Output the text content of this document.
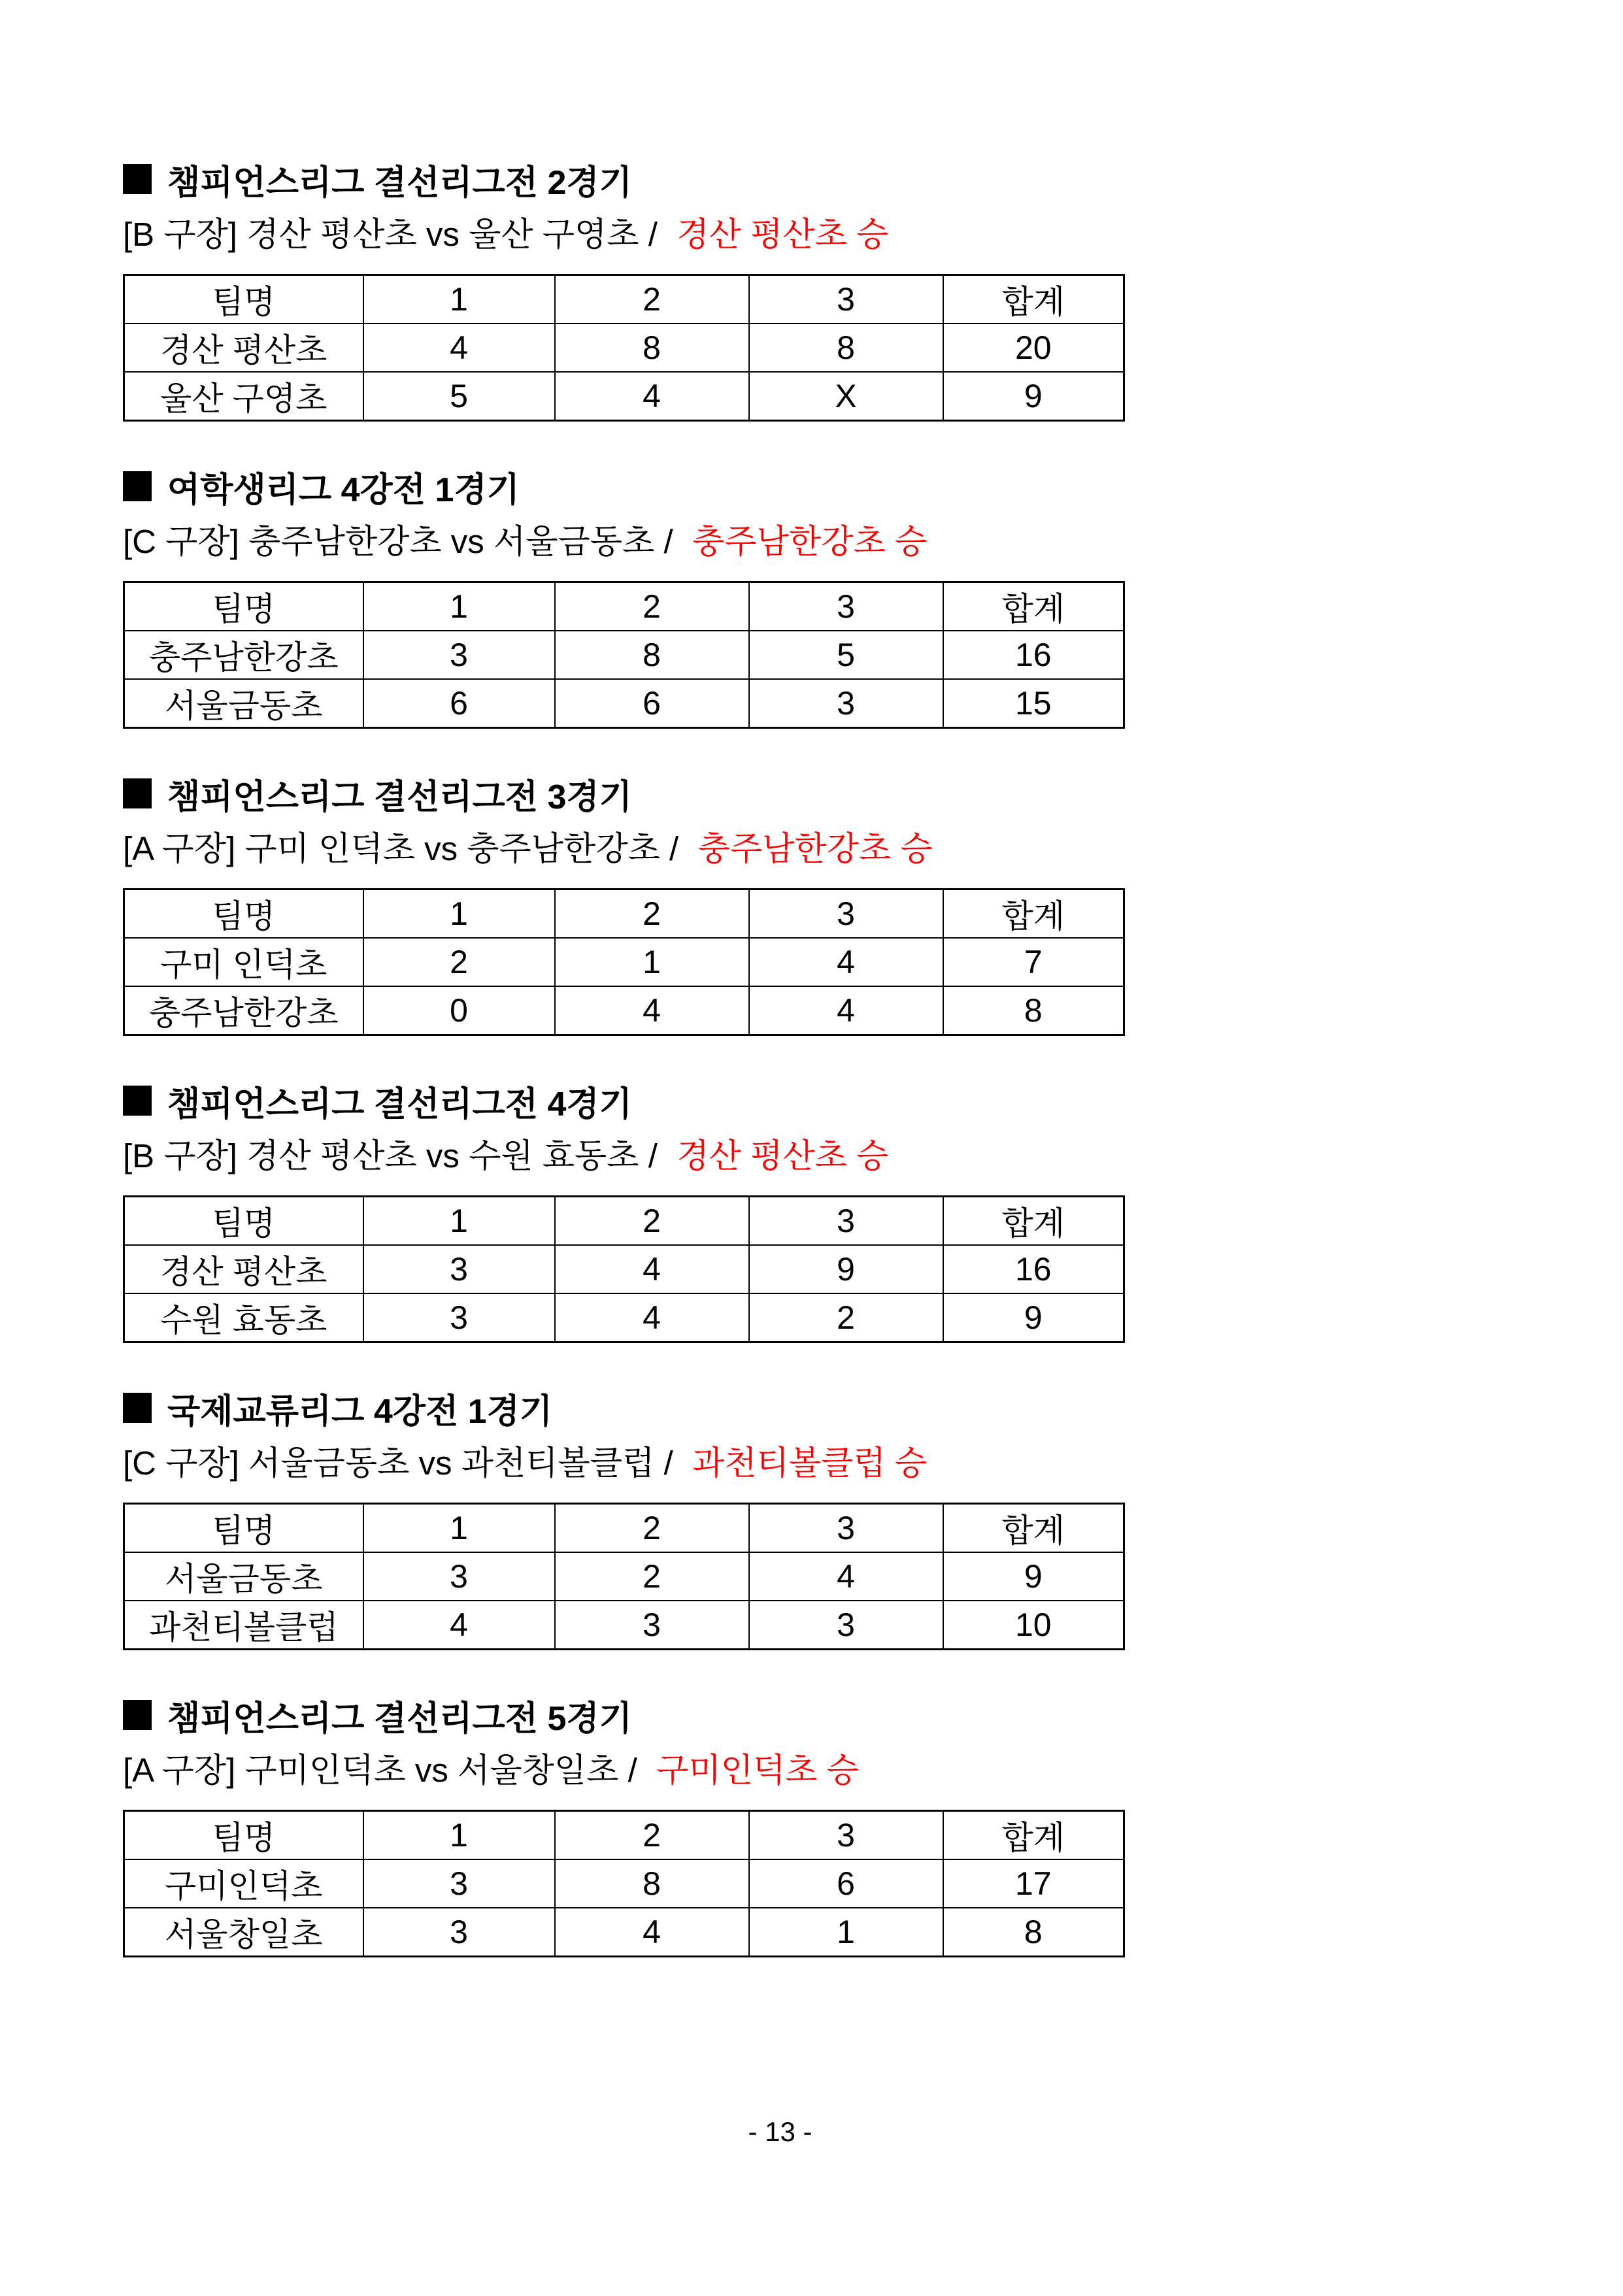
챔피언스리그 결선리그전 2경기

[B 구장] 경산 평산초 vs 울산 구영초 / 경산 평산초 승

팀명	1	2	3	합계
경산 평산초	4	8	8	20
울산 구영초	5	4	X	9
여학생리그 4강전 1경기

[C 구장] 충주남한강초 vs 서울금동초 / 충주남한강초 승

팀명	1	2	3	합계
충주남한강초	3	8	5	16
서울금동초	6	6	3	15
챔피언스리그 결선리그전 3경기

[A 구장] 구미 인덕초 vs 충주남한강초 / 충주남한강초 승

팀명	1	2	3	합계
구미 인덕초	2	1	4	7
충주남한강초	0	4	4	8
챔피언스리그 결선리그전 4경기

[B 구장] 경산 평산초 vs 수원 효동초 / 경산 평산초 승

팀명	1	2	3	합계
경산 평산초	3	4	9	16
수원 효동초	3	4	2	9
국제교류리그 4강전 1경기

[C 구장] 서울금동초 vs 과천티볼클럽 / 과천티볼클럽 승

팀명	1	2	3	합계
서울금동초	3	2	4	9
과천티볼클럽	4	3	3	10
챔피언스리그 결선리그전 5경기

[A 구장] 구미인덕초 vs 서울창일초 / 구미인덕초 승

팀명	1	2	3	합계
구미인덕초	3	8	6	17
서울창일초	3	4	1	8
- 13 -
